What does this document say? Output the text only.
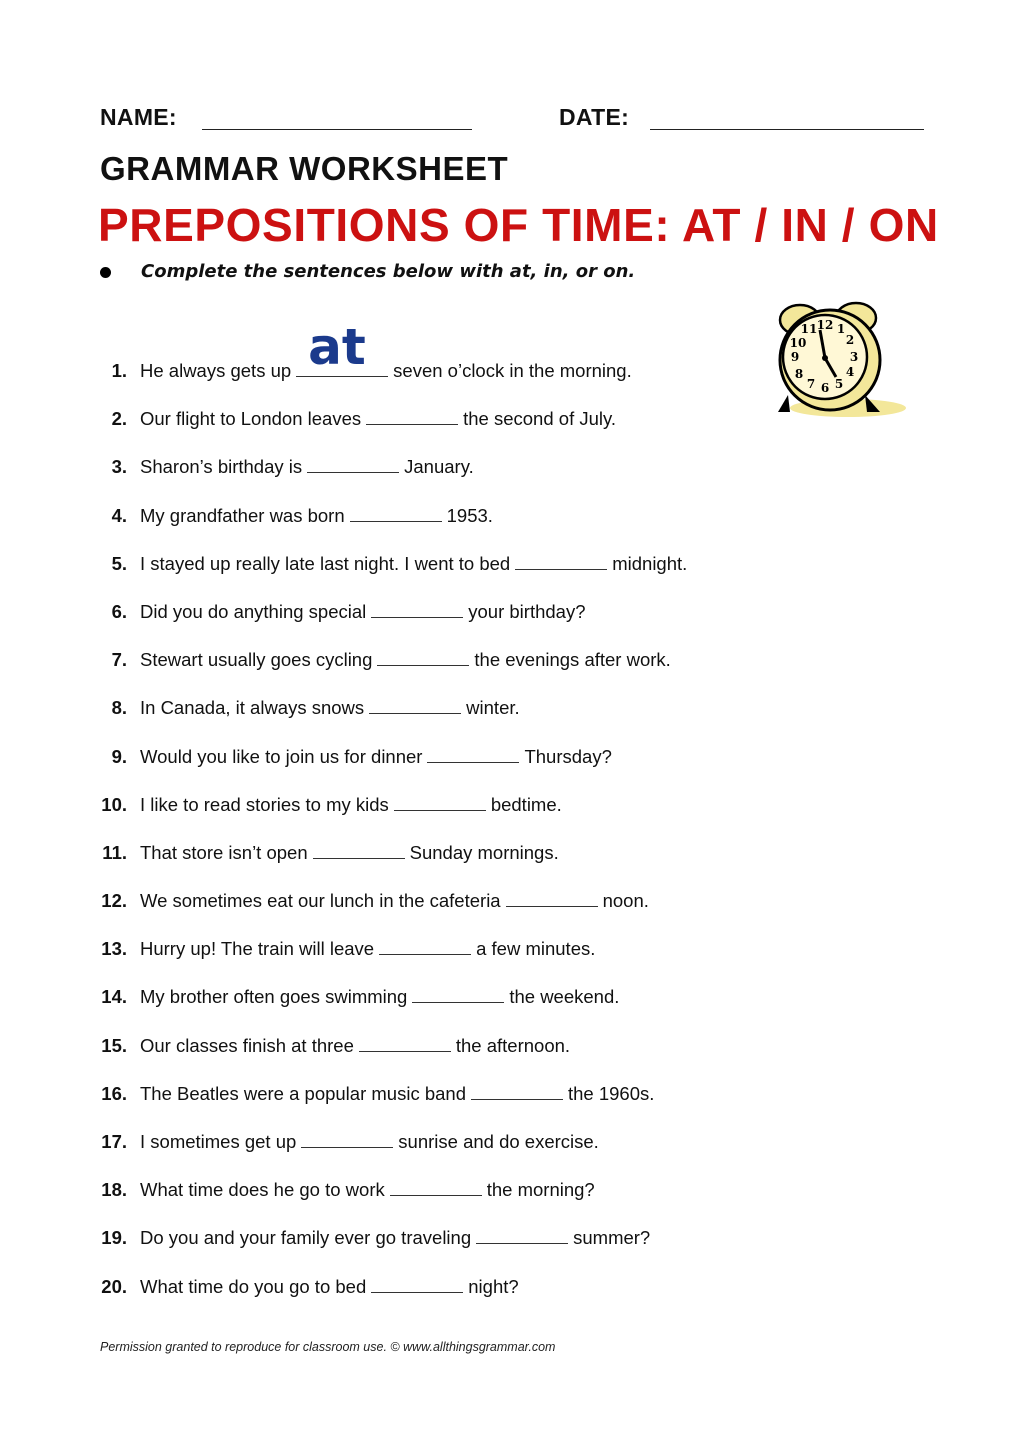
NAME:	DATE:
GRAMMAR WORKSHEET
PREPOSITIONS OF TIME: AT / IN / ON
Complete the sentences below with at, in, or on.
12 1
2
3
4
5
6
7
8
9
10
11
1. He always gets up at seven o’clock in the morning.
2. Our flight to London leaves	the second of July.
3. Sharon’s birthday is	January.
4. My grandfather was born	1953.
5. I stayed up really late last night. I went to bed	midnight.
6. Did you do anything special	your birthday?
7. Stewart usually goes cycling	the evenings after work.
8. In Canada, it always snows	winter.
9. Would you like to join us for dinner	Thursday?
10. I like to read stories to my kids	bedtime.
11. That store isn’t open	Sunday mornings.
12. We sometimes eat our lunch in the cafeteria	noon.
13. Hurry up! The train will leave	a few minutes.
14. My brother often goes swimming	the weekend.
15. Our classes finish at three	the afternoon.
16. The Beatles were a popular music band	the 1960s.
17. I sometimes get up	sunrise and do exercise.
18. What time does he go to work	the morning?
19. Do you and your family ever go traveling	summer?
20. What time do you go to bed	night?
Permission granted to reproduce for classroom use. © www.allthingsgrammar.com
